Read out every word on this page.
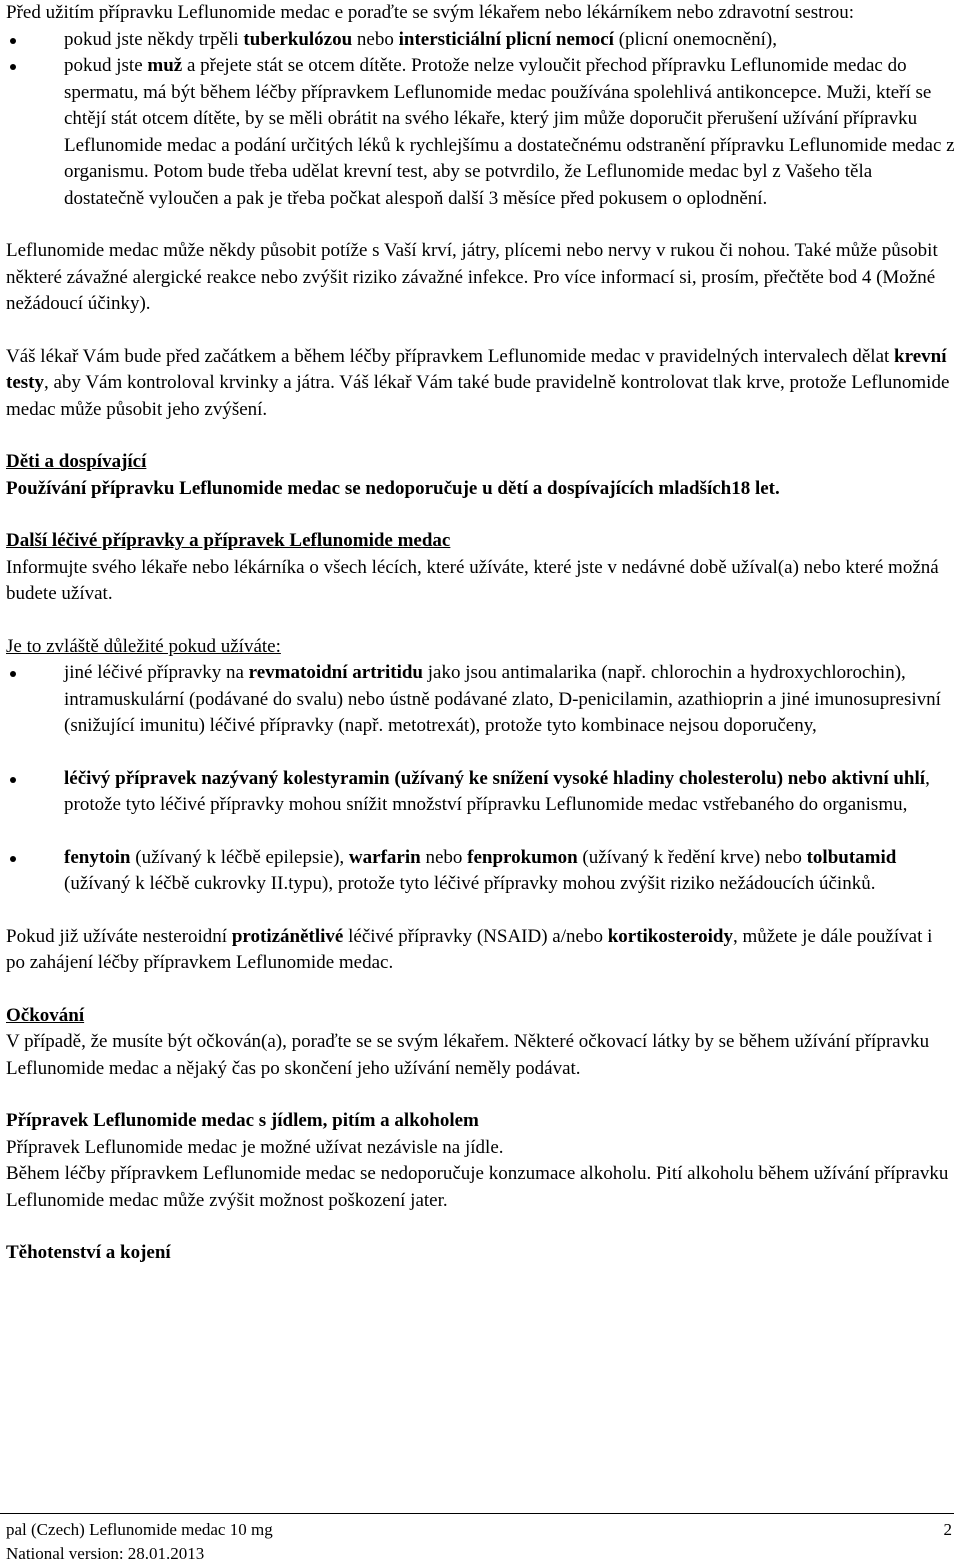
Před užitím přípravku Leflunomide medac e poraďte se svým lékařem nebo lékárníkem nebo zdravotní sestrou:

pokud jste někdy trpěli tuberkulózou nebo intersticiální plicní nemocí (plicní onemocnění),
pokud jste muž a přejete stát se otcem dítěte. Protože nelze vyloučit přechod přípravku Leflunomide medac do spermatu, má být během léčby přípravkem Leflunomide medac používána spolehlivá antikoncepce. Muži, kteří se chtějí stát otcem dítěte, by se měli obrátit na svého lékaře, který jim může doporučit přerušení užívání přípravku Leflunomide medac a podání určitých léků k rychlejšímu a dostatečnému odstranění přípravku Leflunomide medac z organismu. Potom bude třeba udělat krevní test, aby se potvrdilo, že Leflunomide medac byl z Vašeho těla dostatečně vyloučen a pak je třeba počkat alespoň další 3 měsíce před pokusem o oplodnění.

Leflunomide medac může někdy působit potíže s Vaší krví, játry, plícemi nebo nervy v rukou či nohou. Také může působit některé závažné alergické reakce nebo zvýšit riziko závažné infekce. Pro více informací si, prosím, přečtěte bod 4 (Možné nežádoucí účinky).

Váš lékař Vám bude před začátkem a během léčby přípravkem Leflunomide medac v pravidelných intervalech dělat krevní testy, aby Vám kontroloval krvinky a játra. Váš lékař Vám také bude pravidelně kontrolovat tlak krve, protože Leflunomide medac může působit jeho zvýšení.

Děti a dospívající

Používání přípravku Leflunomide medac se nedoporučuje u dětí a dospívajících mladších18 let.

Další léčivé přípravky a přípravek Leflunomide medac

Informujte svého lékaře nebo lékárníka o všech lécích, které užíváte, které jste v nedávné době užíval(a) nebo které možná budete užívat.

Je to zvláště důležité pokud užíváte:

jiné léčivé přípravky na revmatoidní artritidu jako jsou antimalarika (např. chlorochin a hydroxychlorochin), intramuskulární (podávané do svalu) nebo ústně podávané zlato, D-penicilamin, azathioprin a jiné imunosupresivní (snižující imunitu) léčivé přípravky (např. metotrexát), protože tyto kombinace nejsou doporučeny,
léčivý přípravek nazývaný kolestyramin (užívaný ke snížení vysoké hladiny cholesterolu) nebo aktivní uhlí, protože tyto léčivé přípravky mohou snížit množství přípravku Leflunomide medac vstřebaného do organismu,
fenytoin (užívaný k léčbě epilepsie), warfarin nebo fenprokumon (užívaný k ředění krve) nebo tolbutamid (užívaný k léčbě cukrovky II.typu), protože tyto léčivé přípravky mohou zvýšit riziko nežádoucích účinků.

Pokud již užíváte nesteroidní protizánětlivé léčivé přípravky (NSAID) a/nebo kortikosteroidy, můžete je dále používat i po zahájení léčby přípravkem Leflunomide medac.

Očkování

V případě, že musíte být očkován(a), poraďte se se svým lékařem. Některé očkovací látky by se během užívání přípravku Leflunomide medac a nějaký čas po skončení jeho užívání neměly podávat.

Přípravek Leflunomide medac s jídlem, pitím a alkoholem

Přípravek Leflunomide medac je možné užívat nezávisle na jídle.

Během léčby přípravkem Leflunomide medac se nedoporučuje konzumace alkoholu. Pití alkoholu během užívání přípravku Leflunomide medac může zvýšit možnost poškození jater.

Těhotenství a kojení

pal (Czech) Leflunomide medac 10 mg	2
National version: 28.01.2013
